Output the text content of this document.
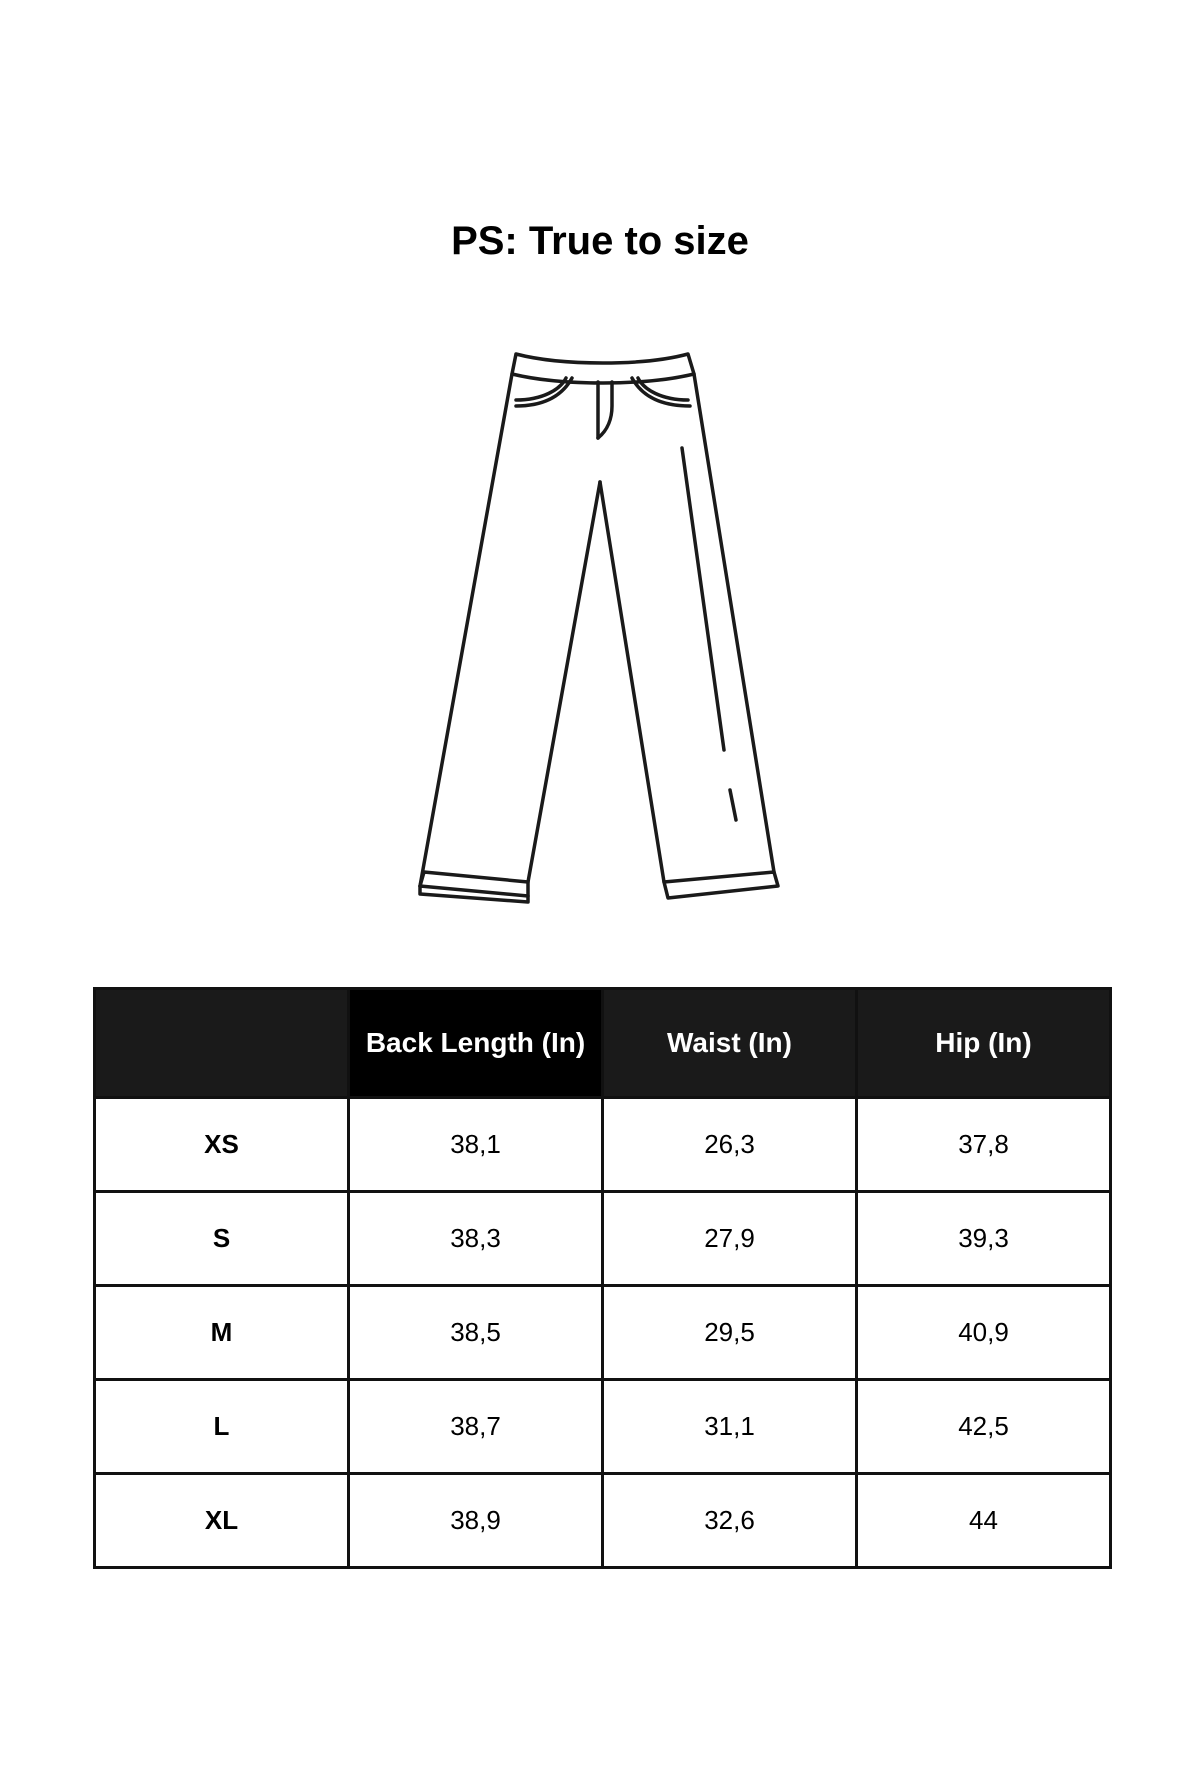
PS: True to size
	Back Length (In)	Waist (In)	Hip (In)
XS	38,1	26,3	37,8
S	38,3	27,9	39,3
M	38,5	29,5	40,9
L	38,7	31,1	42,5
XL	38,9	32,6	44
